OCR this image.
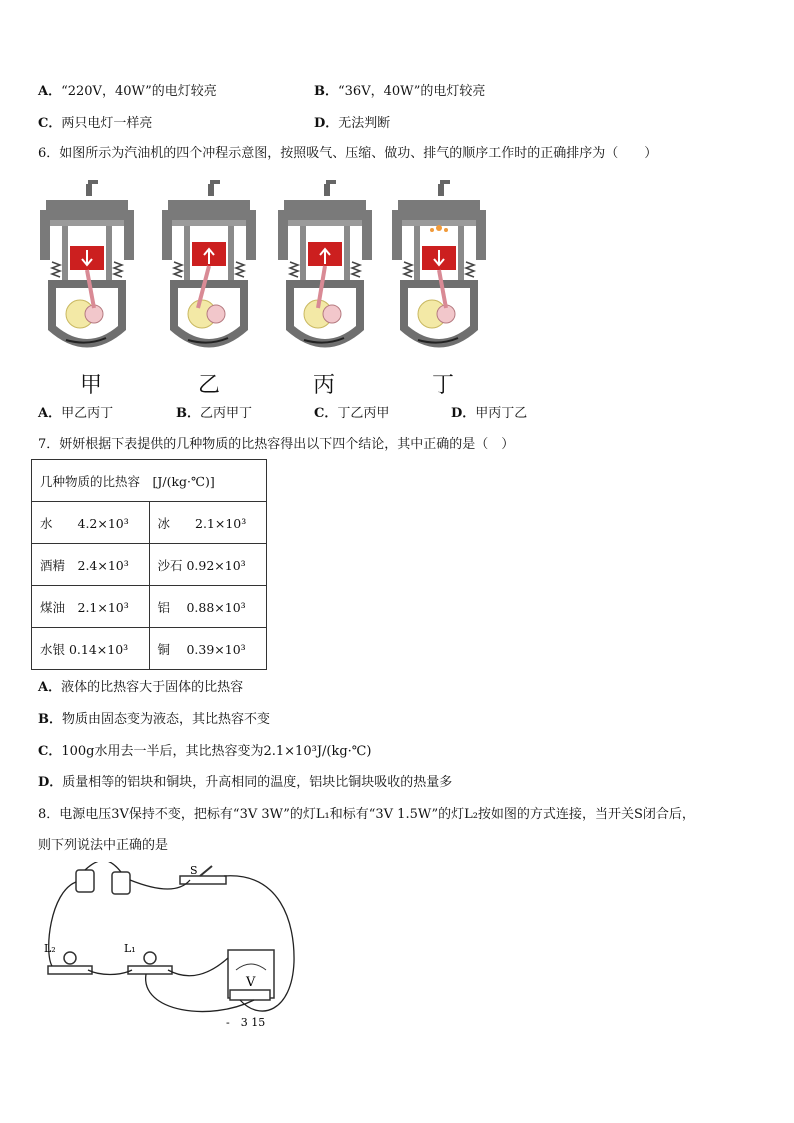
A．“220V，40W”的电灯较亮	B．“36V，40W”的电灯较亮
C．两只电灯一样亮	D．无法判断
6．如图所示为汽油机的四个冲程示意图，按照吸气、压缩、做功、排气的顺序工作时的正确排序为（　　）
甲	乙	丙	丁
A．甲乙丙丁	B．乙丙甲丁	C．丁乙丙甲	D．甲丙丁乙
7．妍妍根据下表提供的几种物质的比热容得出以下四个结论，其中正确的是（　）
几种物质的比热容　[J/(kg·℃)]	
水　　4.2×10³	冰　　2.1×10³
酒精　2.4×10³	沙石 0.92×10³
煤油　2.1×10³	铝　 0.88×10³
水银 0.14×10³	铜　 0.39×10³
A．液体的比热容大于固体的比热容
B．物质由固态变为液态，其比热容不变
C．100g水用去一半后，其比热容变为2.1×10³J/(kg·℃)
D．质量相等的铝块和铜块，升高相同的温度，铝块比铜块吸收的热量多
8．电源电压3V保持不变，把标有“3V 3W”的灯L₁和标有“3V 1.5W”的灯L₂按如图的方式连接，当开关S闭合后，
则下列说法中正确的是
S
L₂	L₁
V
-　3 15
